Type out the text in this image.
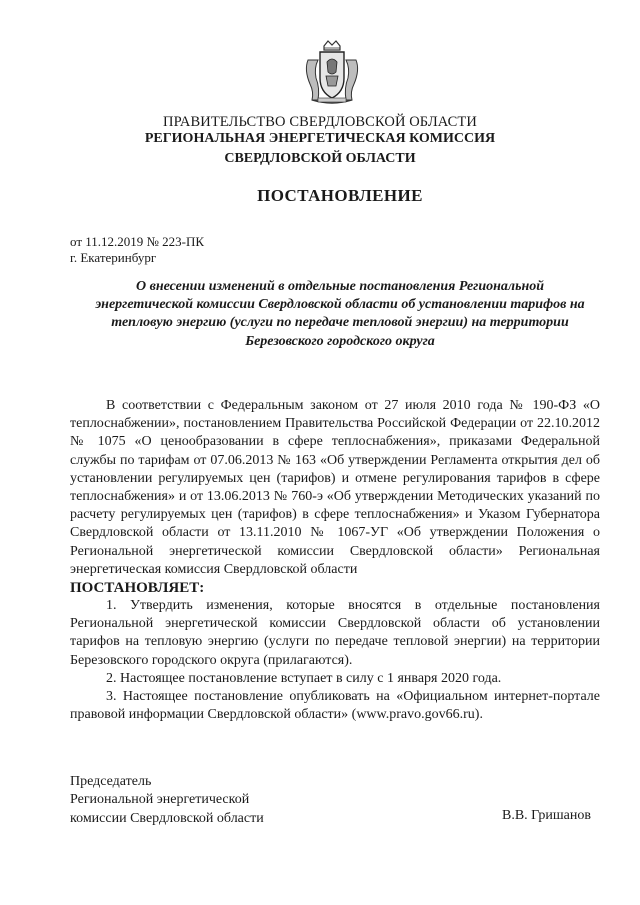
ПРАВИТЕЛЬСТВО СВЕРДЛОВСКОЙ ОБЛАСТИ
РЕГИОНАЛЬНАЯ ЭНЕРГЕТИЧЕСКАЯ КОМИССИЯ
СВЕРДЛОВСКОЙ ОБЛАСТИ
ПОСТАНОВЛЕНИЕ
от 11.12.2019 № 223-ПК
г. Екатеринбург
О внесении изменений в отдельные постановления Региональной энергетической комиссии Свердловской области об установлении тарифов на тепловую энергию (услуги по передаче тепловой энергии) на территории Березовского городского округа

В соответствии с Федеральным законом от 27 июля 2010 года № 190-ФЗ «О теплоснабжении», постановлением Правительства Российской Федерации от 22.10.2012 № 1075 «О ценообразовании в сфере теплоснабжения», приказами Федеральной службы по тарифам от 07.06.2013 № 163 «Об утверждении Регламента открытия дел об установлении регулируемых цен (тарифов) и отмене регулирования тарифов в сфере теплоснабжения» и от 13.06.2013 № 760-э «Об утверждении Методических указаний по расчету регулируемых цен (тарифов) в сфере теплоснабжения» и Указом Губернатора Свердловской области от 13.11.2010 № 1067-УГ «Об утверждении Положения о Региональной энергетической комиссии Свердловской области» Региональная энергетическая комиссия Свердловской области

ПОСТАНОВЛЯЕТ:

1. Утвердить изменения, которые вносятся в отдельные постановления Региональной энергетической комиссии Свердловской области об установлении тарифов на тепловую энергию (услуги по передаче тепловой энергии) на территории Березовского городского округа (прилагаются).

2. Настоящее постановление вступает в силу с 1 января 2020 года.

3. Настоящее постановление опубликовать на «Официальном интернет-портале правовой информации Свердловской области» (www.pravo.gov66.ru).

Председатель
Региональной энергетической
комиссии Свердловской области	В.В. Гришанов
